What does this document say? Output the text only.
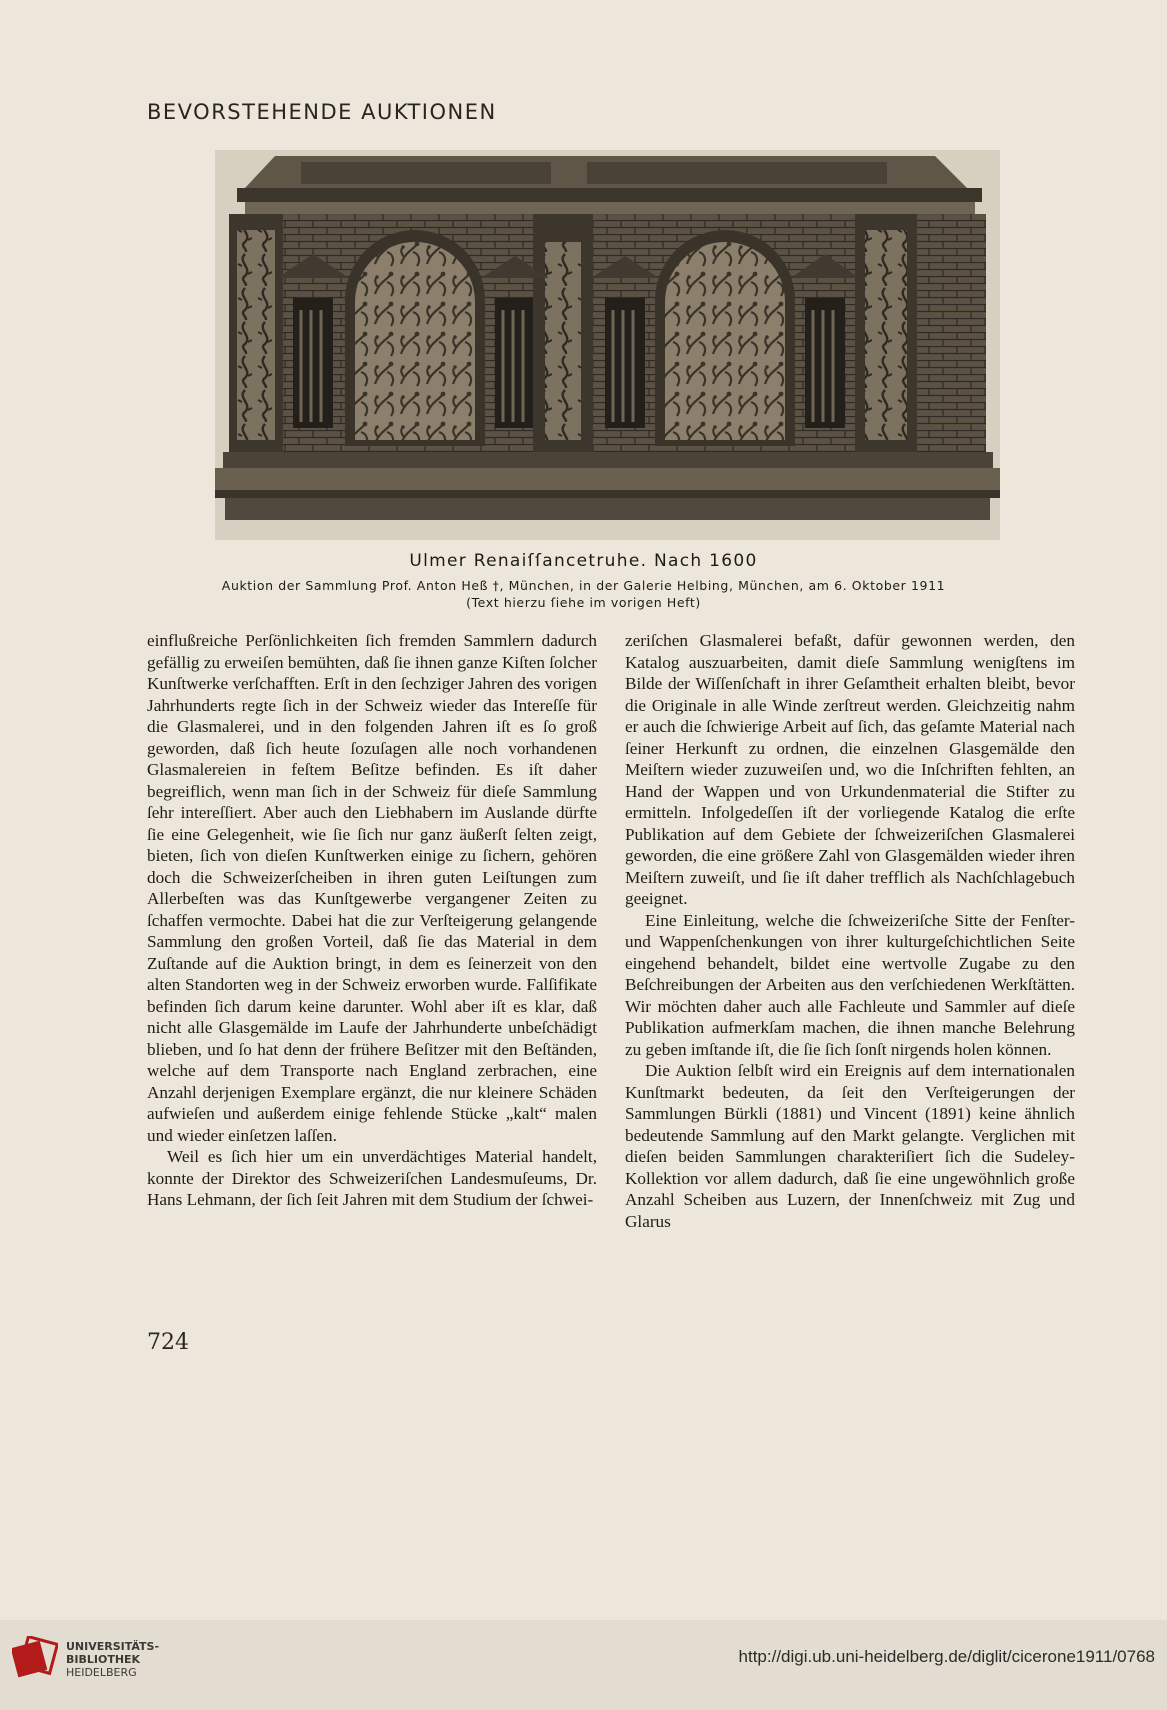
BEVORSTEHENDE AUKTIONEN
Ulmer Renaiſſancetruhe. Nach 1600
Auktion der Sammlung Prof. Anton Heß †, München, in der Galerie Helbing, München, am 6. Oktober 1911
(Text hierzu ſiehe im vorigen Heft)

einflußreiche Perſönlichkeiten ſich fremden Sammlern dadurch gefällig zu erweiſen bemühten, daß ſie ihnen ganze Kiſten ſolcher Kunſtwerke verſchafften. Erſt in den ſechziger Jahren des vorigen Jahrhunderts regte ſich in der Schweiz wieder das Intereſſe für die Glasmalerei, und in den folgenden Jahren iſt es ſo groß geworden, daß ſich heute ſozuſagen alle noch vorhandenen Glasmalereien in feſtem Beſitze befinden. Es iſt daher begreiflich, wenn man ſich in der Schweiz für dieſe Sammlung ſehr intereſſiert. Aber auch den Liebhabern im Auslande dürfte ſie eine Gelegenheit, wie ſie ſich nur ganz äußerſt ſelten zeigt, bieten, ſich von dieſen Kunſtwerken einige zu ſichern, gehören doch die Schweizerſcheiben in ihren guten Leiſtungen zum Allerbeſten was das Kunſtgewerbe vergangener Zeiten zu ſchaffen vermochte. Dabei hat die zur Verſteigerung gelangende Sammlung den großen Vorteil, daß ſie das Material in dem Zuſtande auf die Auktion bringt, in dem es ſeinerzeit von den alten Standorten weg in der Schweiz erworben wurde. Falſifikate befinden ſich darum keine darunter. Wohl aber iſt es klar, daß nicht alle Glasgemälde im Laufe der Jahrhunderte unbeſchädigt blieben, und ſo hat denn der frühere Beſitzer mit den Beſtänden, welche auf dem Transporte nach England zerbrachen, eine Anzahl derjenigen Exemplare ergänzt, die nur kleinere Schäden aufwieſen und außerdem einige fehlende Stücke „kalt“ malen und wieder einſetzen laſſen.

Weil es ſich hier um ein unverdächtiges Material handelt, konnte der Direktor des Schweizeriſchen Landesmuſeums, Dr. Hans Lehmann, der ſich ſeit Jahren mit dem Studium der ſchwei-

zeriſchen Glasmalerei befaßt, dafür gewonnen werden, den Katalog auszuarbeiten, damit dieſe Sammlung wenigſtens im Bilde der Wiſſenſchaft in ihrer Geſamtheit erhalten bleibt, bevor die Originale in alle Winde zerſtreut werden. Gleichzeitig nahm er auch die ſchwierige Arbeit auf ſich, das geſamte Material nach ſeiner Herkunft zu ordnen, die einzelnen Glasgemälde den Meiſtern wieder zuzuweiſen und, wo die Inſchriften fehlten, an Hand der Wappen und von Urkundenmaterial die Stifter zu ermitteln. Infolgedeſſen iſt der vorliegende Katalog die erſte Publikation auf dem Gebiete der ſchweizeriſchen Glasmalerei geworden, die eine größere Zahl von Glasgemälden wieder ihren Meiſtern zuweiſt, und ſie iſt daher trefflich als Nachſchlagebuch geeignet.

Eine Einleitung, welche die ſchweizeriſche Sitte der Fenſter- und Wappenſchenkungen von ihrer kulturgeſchichtlichen Seite eingehend behandelt, bildet eine wertvolle Zugabe zu den Beſchreibungen der Arbeiten aus den verſchiedenen Werkſtätten. Wir möchten daher auch alle Fachleute und Sammler auf dieſe Publikation aufmerkſam machen, die ihnen manche Belehrung zu geben imſtande iſt, die ſie ſich ſonſt nirgends holen können.

Die Auktion ſelbſt wird ein Ereignis auf dem internationalen Kunſtmarkt bedeuten, da ſeit den Verſteigerungen der Sammlungen Bürkli (1881) und Vincent (1891) keine ähnlich bedeutende Sammlung auf den Markt gelangte. Verglichen mit dieſen beiden Sammlungen charakteriſiert ſich die Sudeley-Kollektion vor allem dadurch, daß ſie eine ungewöhnlich große Anzahl Scheiben aus Luzern, der Innenſchweiz mit Zug und Glarus

724
UNIVERSITÄTS-
BIBLIOTHEK
HEIDELBERG
http://digi.ub.uni-heidelberg.de/diglit/cicerone1911/0768
